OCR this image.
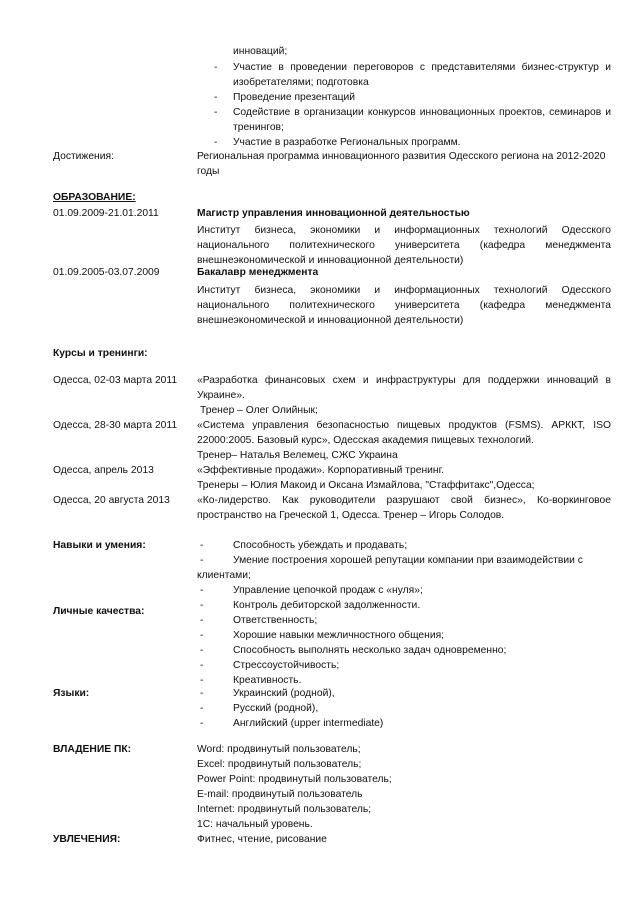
инноваций;
- Участие в проведении переговоров с представителями бизнес-структур и
изобретателями; подготовка
- Проведение презентаций
- Содействие в организации конкурсов инновационных проектов, семинаров и
тренингов;
- Участие в разработке Региональных программ.
Достижения:	Региональная программа инновационного развития Одесского региона на 2012-2020
годы
ОБРАЗОВАНИЕ:
01.09.2009-21.01.2011	Магистр управления инновационной деятельностью
Институт бизнеса, экономики и информационных технологий Одесского
национального политехнического университета (кафедра менеджмента
внешнеэкономической и инновационной деятельности)
01.09.2005-03.07.2009	Бакалавр менеджмента
Институт бизнеса, экономики и информационных технологий Одесского
национального политехнического университета (кафедра менеджмента
внешнеэкономической и инновационной деятельности)
Курсы и тренинги:
Одесса, 02-03 марта 2011 «Разработка финансовых схем и инфраструктуры для поддержки инноваций в
Украине».
Тренер – Олег Олийнык;
Одесса, 28-30 марта 2011 «Система управления безопасностью пищевых продуктов (FSMS). АРККТ, ISO
22000:2005. Базовый курс», Одесская академия пищевых технологий.
Тренер– Наталья Велемец, СЖС Украина
Одесса, апрель 2013	«Эффективные продажи». Корпоративный тренинг.
Тренеры – Юлия Макоид и Оксана Измайлова, "Стаффитакс",Одесса;
Одесса, 20 августа 2013	«Ко-лидерство. Как руководители разрушают свой бизнес», Ко-воркинговое
пространство на Греческой 1, Одесса. Тренер – Игорь Солодов.
Навыки и умения:	-	Способность убеждать и продавать;
-	Умение построения хорошей репутации компании при взаимодействии с
клиентами;
-	Управление цепочкой продаж с «нуля»;
-	Контроль дебиторской задолженности.
Личные качества:
-	Ответственность;
-	Хорошие навыки межличностного общения;
-	Способность выполнять несколько задач одновременно;
-	Стрессоустойчивость;
-	Креативность.
Языки:	-	Украинский (родной),
-	Русский (родной),
-	Английский (upper intermediate)
ВЛАДЕНИЕ ПК:	Word: продвинутый пользователь;
Excel: продвинутый пользователь;
Power Point: продвинутый пользователь;
E-mail: продвинутый пользователь
Internet: продвинутый пользователь;
1С: начальный уровень.
УВЛЕЧЕНИЯ:	Фитнес, чтение, рисование
